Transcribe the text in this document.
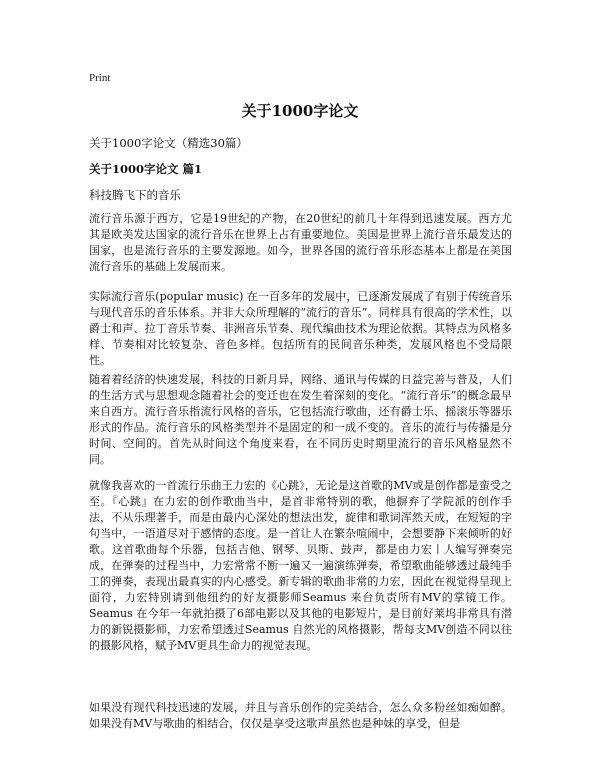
Print
关于1000字论文
关于1000字论文（精选30篇）
关于1000字论文 篇1
科技腾飞下的音乐

流行音乐源于西方，它是19世纪的产物，在20世纪的前几十年得到迅速发展。西方尤其是欧美发达国家的流行音乐在世界上占有重要地位。美国是世界上流行音乐最发达的国家，也是流行音乐的主要发源地。如今，世界各国的流行音乐形态基本上都是在美国流行音乐的基础上发展而来。

实际流行音乐(popular music) 在一百多年的发展中，已逐渐发展成了有别于传统音乐与现代音乐的音乐体系。并非大众所理解的“流行的音乐”。同样具有很高的学术性，以爵士和声、拉丁音乐节奏、非洲音乐节奏、现代编曲技术为理论依据。其特点为风格多样、节奏相对比较复杂、音色多样。包括所有的民间音乐种类，发展风格也不受局限性。

随着着经济的快速发展，科技的日新月异，网络、通讯与传媒的日益完善与普及，人们的生活方式与思想观念随着社会的变迁也在发生着深刻的变化。“流行音乐”的概念最早来自西方。流行音乐指流行风格的音乐，它包括流行歌曲，还有爵士乐、摇滚乐等器乐形式的作品。流行音乐的风格类型并不是固定的和一成不变的。音乐的流行与传播是分时间、空间的。首先从时间这个角度来看，在不同历史时期里流行的音乐风格显然不同。

就像我喜欢的一首流行乐曲王力宏的《心跳》，无论是这首歌的MV或是创作都是蛮受之至。『心跳』在力宏的创作歌曲当中，是首非常特别的歌，他摒弃了学院派的创作手法，不从乐理著手，而是由最内心深处的想法出发，旋律和歌词浑然天成，在短短的字句当中，一语道尽对于感情的态度。是一首让人在繁杂喧闹中，会想要静下来倾听的好歌。这首歌曲每个乐器，包括吉他、钢琴、贝斯、鼓声，都是由力宏丨人编写弹奏完成，在弹奏的过程当中，力宏常常不断一遍又一遍演练弹奏，希望歌曲能够透过最纯手工的弹奏，表现出最真实的内心感受。新专辑的歌曲非常的力宏，因此在视觉得呈现上面符，力宏特别请到他纽约的好友摄影师Seamus 来台负责所有MV的掌镜工作。Seamus 在今年一年就拍摄了6部电影以及其他的电影短片，是目前好莱坞非常具有潜力的新锐摄影师，力宏希望透过Seamus 自然光的风格摄影，帮每支MV创造不同以往的摄影风格，赋予MV更具生命力的视觉表现。

如果没有现代科技迅速的发展，并且与音乐创作的完美结合，怎么众多粉丝如痴如醉。如果没有MV与歌曲的相结合，仅仅是享受这歌声虽然也是种妹的享受，但是
